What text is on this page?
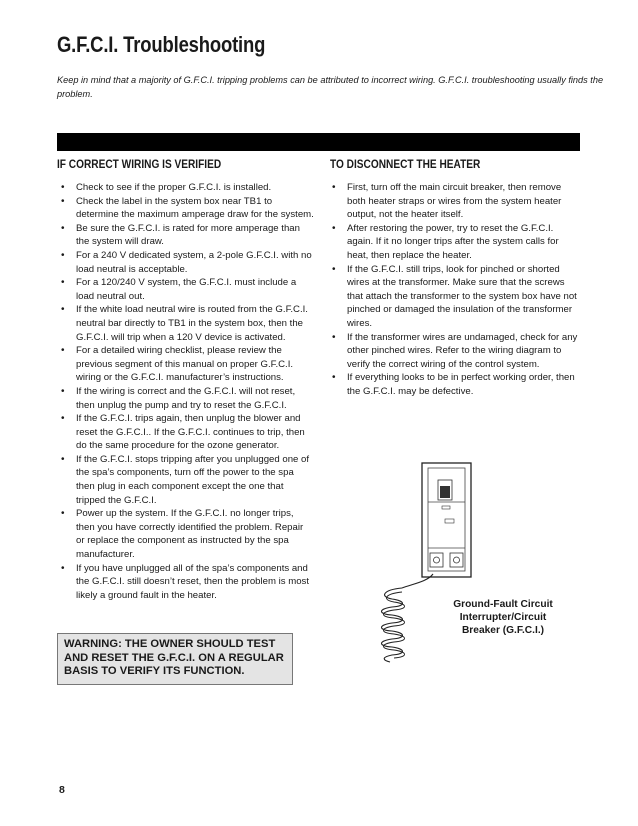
G.F.C.I. Troubleshooting
Keep in mind that a majority of G.F.C.I. tripping problems can be attributed to incorrect wiring. G.F.C.I. troubleshooting usually finds the problem.
IF CORRECT WIRING IS VERIFIED	TO DISCONNECT THE HEATER
• Check to see if the proper G.F.C.I. is installed.
• Check the label in the system box near TB1 to determine the maximum amperage draw for the system.
• Be sure the G.F.C.I. is rated for more amperage than the system will draw.
• For a 240 V dedicated system, a 2-pole G.F.C.I. with no load neutral is acceptable.
• For a 120/240 V system, the G.F.C.I. must include a load neutral out.
• If the white load neutral wire is routed from the G.F.C.I. neutral bar directly to TB1 in the system box, then the G.F.C.I. will trip when a 120 V device is activated.
• For a detailed wiring checklist, please review the previous segment of this manual on proper G.F.C.I. wiring or the G.F.C.I. manufacturer’s instructions.
• If the wiring is correct and the G.F.C.I. will not reset, then unplug the pump and try to reset the G.F.C.I.
• If the G.F.C.I. trips again, then unplug the blower and reset the G.F.C.I.. If the G.F.C.I. continues to trip, then do the same procedure for the ozone generator.
• If the G.F.C.I. stops tripping after you unplugged one of the spa’s components, turn off the power to the spa then plug in each component except the one that tripped the G.F.C.I.
• Power up the system. If the G.F.C.I. no longer trips, then you have correctly identified the problem. Repair or replace the component as instructed by the spa manufacturer.
• If you have unplugged all of the spa’s components and the G.F.C.I. still doesn’t reset, then the problem is most likely a ground fault in the heater.
• First, turn off the main circuit breaker, then remove both heater straps or wires from the system heater output, not the heater itself.
• After restoring the power, try to reset the G.F.C.I. again. If it no longer trips after the system calls for heat, then replace the heater.
• If the G.F.C.I. still trips, look for pinched or shorted wires at the transformer. Make sure that the screws that attach the transformer to the system box have not pinched or damaged the insulation of the transformer wires.
• If the transformer wires are undamaged, check for any other pinched wires. Refer to the wiring diagram to verify the correct wiring of the control system.
• If everything looks to be in perfect working order, then the G.F.C.I. may be defective.
WARNING: THE OWNER SHOULD TEST AND RESET THE G.F.C.I. ON A REGULAR BASIS TO VERIFY ITS FUNCTION.
Ground-Fault Circuit Interrupter/Circuit Breaker (G.F.C.I.)
8
